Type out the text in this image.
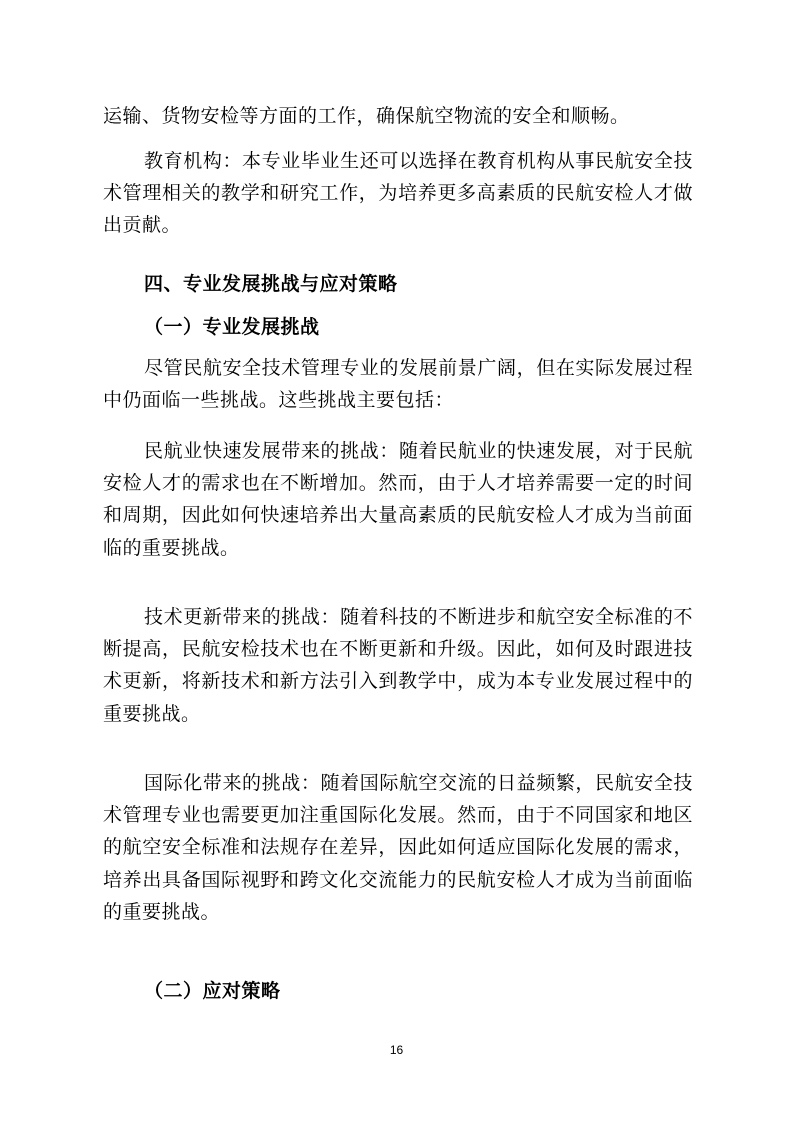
运输、货物安检等方面的工作，确保航空物流的安全和顺畅。

教育机构：本专业毕业生还可以选择在教育机构从事民航安全技术管理相关的教学和研究工作，为培养更多高素质的民航安检人才做出贡献。

四、专业发展挑战与应对策略
（一）专业发展挑战

尽管民航安全技术管理专业的发展前景广阔，但在实际发展过程中仍面临一些挑战。这些挑战主要包括：

民航业快速发展带来的挑战：随着民航业的快速发展，对于民航安检人才的需求也在不断增加。然而，由于人才培养需要一定的时间和周期，因此如何快速培养出大量高素质的民航安检人才成为当前面临的重要挑战。

技术更新带来的挑战：随着科技的不断进步和航空安全标准的不断提高，民航安检技术也在不断更新和升级。因此，如何及时跟进技术更新，将新技术和新方法引入到教学中，成为本专业发展过程中的重要挑战。

国际化带来的挑战：随着国际航空交流的日益频繁，民航安全技术管理专业也需要更加注重国际化发展。然而，由于不同国家和地区的航空安全标准和法规存在差异，因此如何适应国际化发展的需求，培养出具备国际视野和跨文化交流能力的民航安检人才成为当前面临的重要挑战。

（二）应对策略
16
